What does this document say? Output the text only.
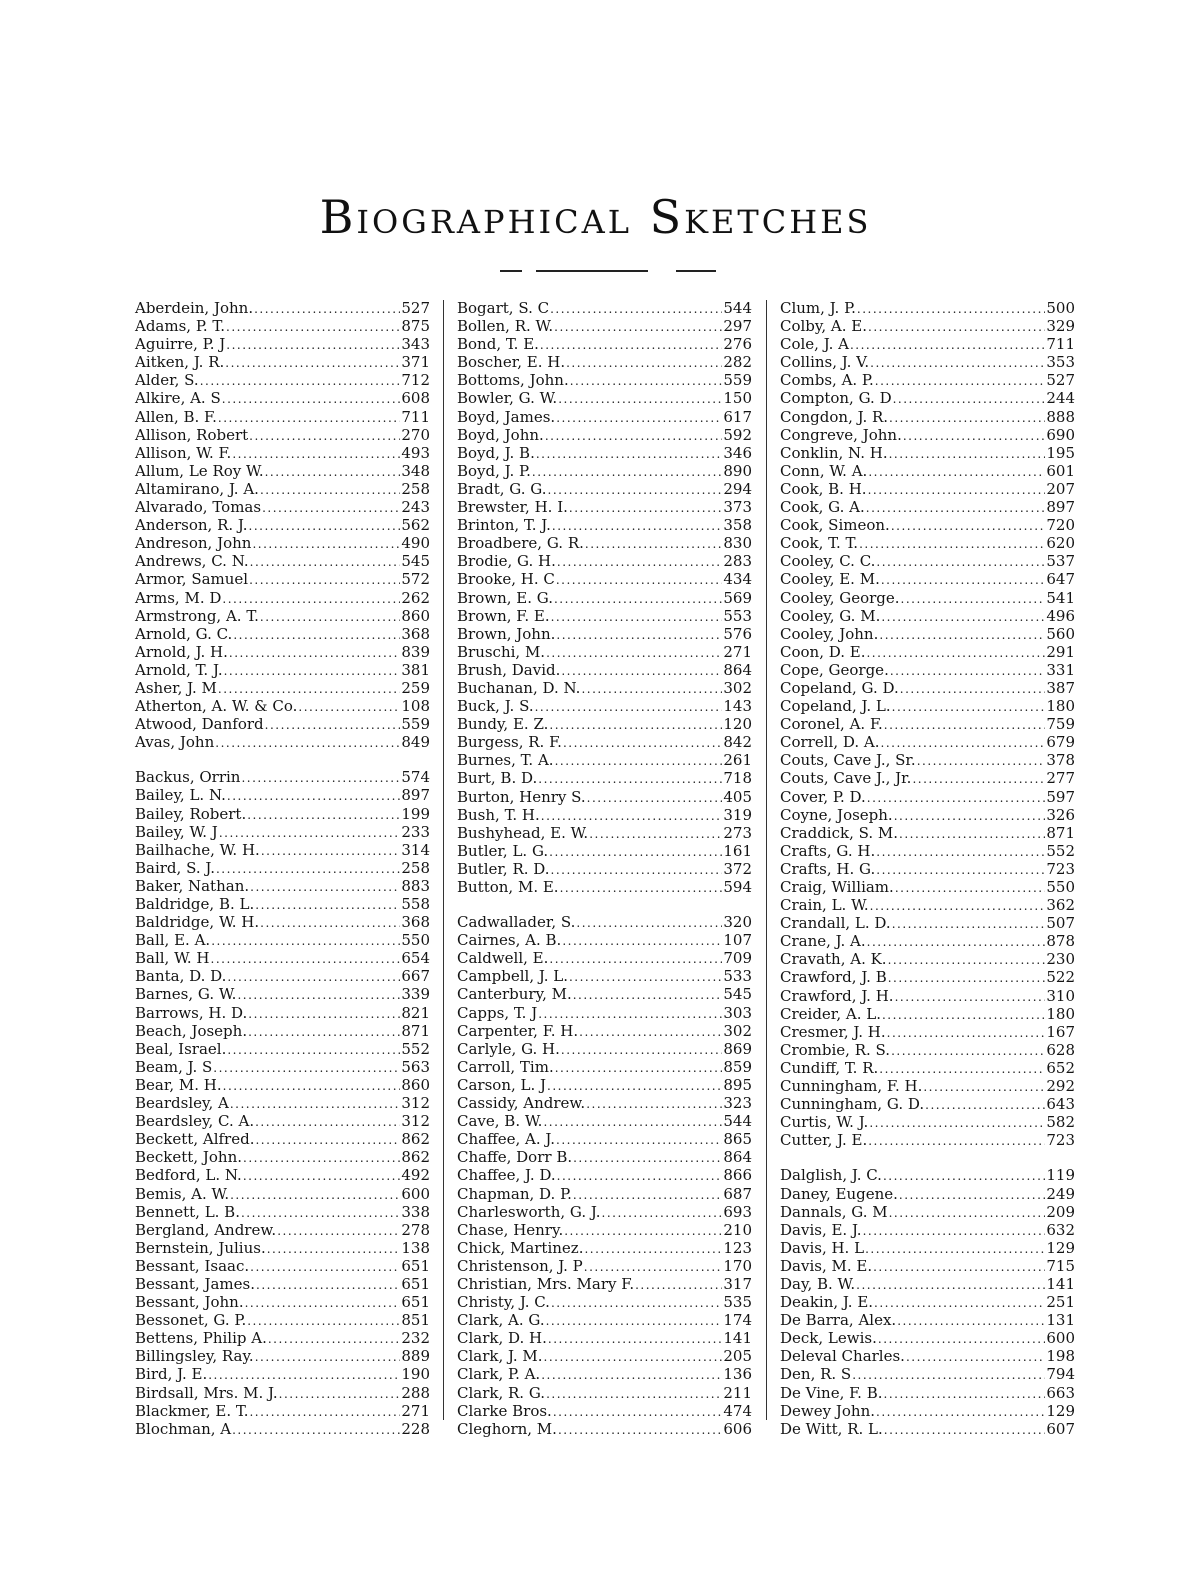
Biographical Sketches
Aberdein, John. .....	527
Adams, P. T. .....	875
Aguirre, P. J .....	343
Aitken, J. R. .....	371
Alder, S. .....	712
Alkire, A. S .....	608
Allen, B. F. .....	711
Allison, Robert .....	270
Allison, W. F. .....	493
Allum, Le Roy W. .....	348
Altamirano, J. A. .....	258
Alvarado, Tomas .....	243
Anderson, R. J. .....	562
Andreson, John .....	490
Andrews, C. N. .....	545
Armor, Samuel .....	572
Arms, M. D .....	262
Armstrong, A. T. .....	860
Arnold, G. C. .....	368
Arnold, J. H. .....	839
Arnold, T. J. .....	381
Asher, J. M .....	259
Atherton, A. W. & Co. .....	108
Atwood, Danford .....	559
Avas, John .....	849
Backus, Orrin .....	574
Bailey, L. N. .....	897
Bailey, Robert. .....	199
Bailey, W. J .....	233
Bailhache, W. H. .....	314
Baird, S. J. .....	258
Baker, Nathan. .....	883
Baldridge, B. L. .....	558
Baldridge, W. H. .....	368
Ball, E. A. .....	550
Ball, W. H .....	654
Banta, D. D. .....	667
Barnes, G. W. .....	339
Barrows, H. D. .....	821
Beach, Joseph. .....	871
Beal, Israel. .....	552
Beam, J. S .....	563
Bear, M. H. .....	860
Beardsley, A .....	312
Beardsley, C. A. .....	312
Beckett, Alfred. .....	862
Beckett, John. .....	862
Bedford, L. N. .....	492
Bemis, A. W. .....	600
Bennett, L. B. .....	338
Bergland, Andrew. .....	278
Bernstein, Julius. .....	138
Bessant, Isaac. .....	651
Bessant, James. .....	651
Bessant, John. .....	651
Bessonet, G. P. .....	851
Bettens, Philip A. .....	232
Billingsley, Ray. .....	889
Bird, J. E. .....	190
Birdsall, Mrs. M. J. .....	288
Blackmer, E. T. .....	271
Blochman, A .....	228
Bogart, S. C .....	544
Bollen, R. W. .....	297
Bond, T. E. .....	276
Boscher, E. H. .....	282
Bottoms, John. .....	559
Bowler, G. W. .....	150
Boyd, James. .....	617
Boyd, John. .....	592
Boyd, J. B. .....	346
Boyd, J. P. .....	890
Bradt, G. G. .....	294
Brewster, H. I. .....	373
Brinton, T. J. .....	358
Broadbere, G. R. .....	830
Brodie, G. H. .....	283
Brooke, H. C .....	434
Brown, E. G. .....	569
Brown, F. E. .....	553
Brown, John. .....	576
Bruschi, M. .....	271
Brush, David. .....	864
Buchanan, D. N. .....	302
Buck, J. S. .....	143
Bundy, E. Z. .....	120
Burgess, R. F. .....	842
Burnes, T. A. .....	261
Burt, B. D. .....	718
Burton, Henry S. .....	405
Bush, T. H. .....	319
Bushyhead, E. W. .....	273
Butler, L. G. .....	161
Butler, R. D. .....	372
Button, M. E. .....	594
Cadwallader, S. .....	320
Cairnes, A. B. .....	107
Caldwell, E. .....	709
Campbell, J. L. .....	533
Canterbury, M. .....	545
Capps, T. J .....	303
Carpenter, F. H. .....	302
Carlyle, G. H. .....	869
Carroll, Tim. .....	859
Carson, L. J .....	895
Cassidy, Andrew. .....	323
Cave, B. W. .....	544
Chaffee, A. J. .....	865
Chaffe, Dorr B. .....	864
Chaffee, J. D. .....	866
Chapman, D. P. .....	687
Charlesworth, G. J. .....	693
Chase, Henry. .....	210
Chick, Martinez. .....	123
Christenson, J. P .....	170
Christian, Mrs. Mary F. .....	317
Christy, J. C. .....	535
Clark, A. G. .....	174
Clark, D. H. .....	141
Clark, J. M. .....	205
Clark, P. A. .....	136
Clark, R. G. .....	211
Clarke Bros. .....	474
Cleghorn, M. .....	606
Clum, J. P. .....	500
Colby, A. E. .....	329
Cole, J. A .....	711
Collins, J. V. .....	353
Combs, A. P. .....	527
Compton, G. D .....	244
Congdon, J. R. .....	888
Congreve, John. .....	690
Conklin, N. H. .....	195
Conn, W. A. .....	601
Cook, B. H. .....	207
Cook, G. A. .....	897
Cook, Simeon. .....	720
Cook, T. T. .....	620
Cooley, C. C. .....	537
Cooley, E. M. .....	647
Cooley, George. .....	541
Cooley, G. M. .....	496
Cooley, John. .....	560
Coon, D. E. .....	291
Cope, George. .....	331
Copeland, G. D. .....	387
Copeland, J. L. .....	180
Coronel, A. F. .....	759
Correll, D. A. .....	679
Couts, Cave J., Sr. .....	378
Couts, Cave J., Jr. .....	277
Cover, P. D. .....	597
Coyne, Joseph. .....	326
Craddick, S. M. .....	871
Crafts, G. H. .....	552
Crafts, H. G. .....	723
Craig, William. .....	550
Crain, L. W. .....	362
Crandall, L. D. .....	507
Crane, J. A. .....	878
Cravath, A. K. .....	230
Crawford, J. B .....	522
Crawford, J. H. .....	310
Creider, A. L. .....	180
Cresmer, J. H. .....	167
Crombie, R. S. .....	628
Cundiff, T. R. .....	652
Cunningham, F. H. .....	292
Cunningham, G. D. .....	643
Curtis, W. J. .....	582
Cutter, J. E. .....	723
Dalglish, J. C. .....	119
Daney, Eugene. .....	249
Dannals, G. M .....	209
Davis, E. J. .....	632
Davis, H. L .....	129
Davis, M. E. .....	715
Day, B. W. .....	141
Deakin, J. E. .....	251
De Barra, Alex. .....	131
Deck, Lewis. .....	600
Deleval Charles. .....	198
Den, R. S .....	794
De Vine, F. B. .....	663
Dewey John. .....	129
De Witt, R. L. .....	607
